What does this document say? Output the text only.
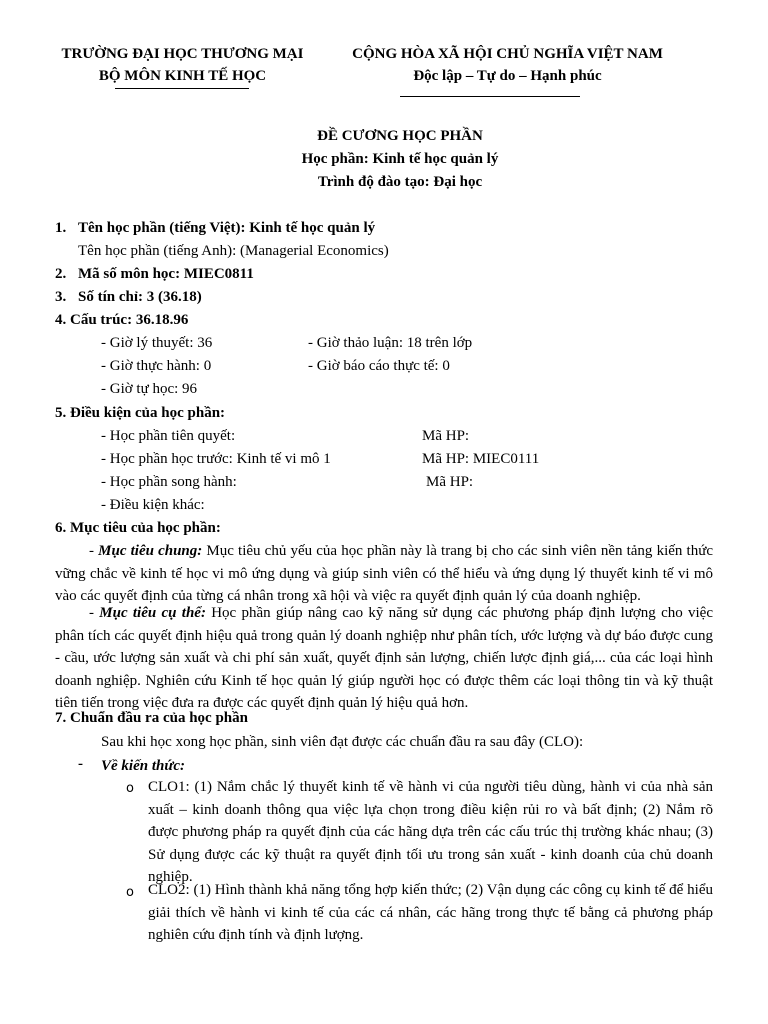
TRƯỜNG ĐẠI HỌC THƯƠNG MẠI
BỘ MÔN KINH TẾ HỌC
CỘNG HÒA XÃ HỘI CHỦ NGHĨA VIỆT NAM
Độc lập – Tự do – Hạnh phúc
ĐỀ CƯƠNG HỌC PHẦN
Học phần: Kinh tế học quản lý
Trình độ đào tạo: Đại học
1. Tên học phần (tiếng Việt): Kinh tế học quản lý
Tên học phần (tiếng Anh): (Managerial Economics)
2. Mã số môn học: MIEC0811
3. Số tín chỉ: 3 (36.18)
4. Cấu trúc: 36.18.96
- Giờ lý thuyết: 36	- Giờ thảo luận: 18 trên lớp
- Giờ thực hành: 0	- Giờ báo cáo thực tế: 0
- Giờ tự học: 96
5. Điều kiện của học phần:
- Học phần tiên quyết:	Mã HP:
- Học phần học trước: Kinh tế vi mô 1	Mã HP: MIEC0111
- Học phần song hành:	Mã HP:
- Điều kiện khác:
6. Mục tiêu của học phần:
- Mục tiêu chung: Mục tiêu chủ yếu của học phần này là trang bị cho các sinh viên nền tảng kiến thức vững chắc về kinh tế học vi mô ứng dụng và giúp sinh viên có thể hiểu và ứng dụng lý thuyết kinh tế vi mô vào các quyết định của từng cá nhân trong xã hội và việc ra quyết định quản lý của doanh nghiệp.
- Mục tiêu cụ thể: Học phần giúp nâng cao kỹ năng sử dụng các phương pháp định lượng cho việc phân tích các quyết định hiệu quả trong quản lý doanh nghiệp như phân tích, ước lượng và dự báo được cung - cầu, ước lượng sản xuất và chi phí sản xuất, quyết định sản lượng, chiến lược định giá,... của các loại hình doanh nghiệp. Nghiên cứu Kinh tế học quản lý giúp người học có được thêm các loại thông tin và kỹ thuật tiên tiến trong việc đưa ra được các quyết định quản lý hiệu quả hơn.
7. Chuẩn đầu ra của học phần
Sau khi học xong học phần, sinh viên đạt được các chuẩn đầu ra sau đây (CLO):
- Về kiến thức:
o CLO1: (1) Nắm chắc lý thuyết kinh tế về hành vi của người tiêu dùng, hành vi của nhà sản xuất – kinh doanh thông qua việc lựa chọn trong điều kiện rủi ro và bất định; (2) Nắm rõ được phương pháp ra quyết định của các hãng dựa trên các cấu trúc thị trường khác nhau; (3) Sử dụng được các kỹ thuật ra quyết định tối ưu trong sản xuất - kinh doanh của chủ doanh nghiệp.
o CLO2: (1) Hình thành khả năng tổng hợp kiến thức; (2) Vận dụng các công cụ kinh tế để hiểu giải thích về hành vi kinh tế của các cá nhân, các hãng trong thực tế bằng cả phương pháp nghiên cứu định tính và định lượng.
